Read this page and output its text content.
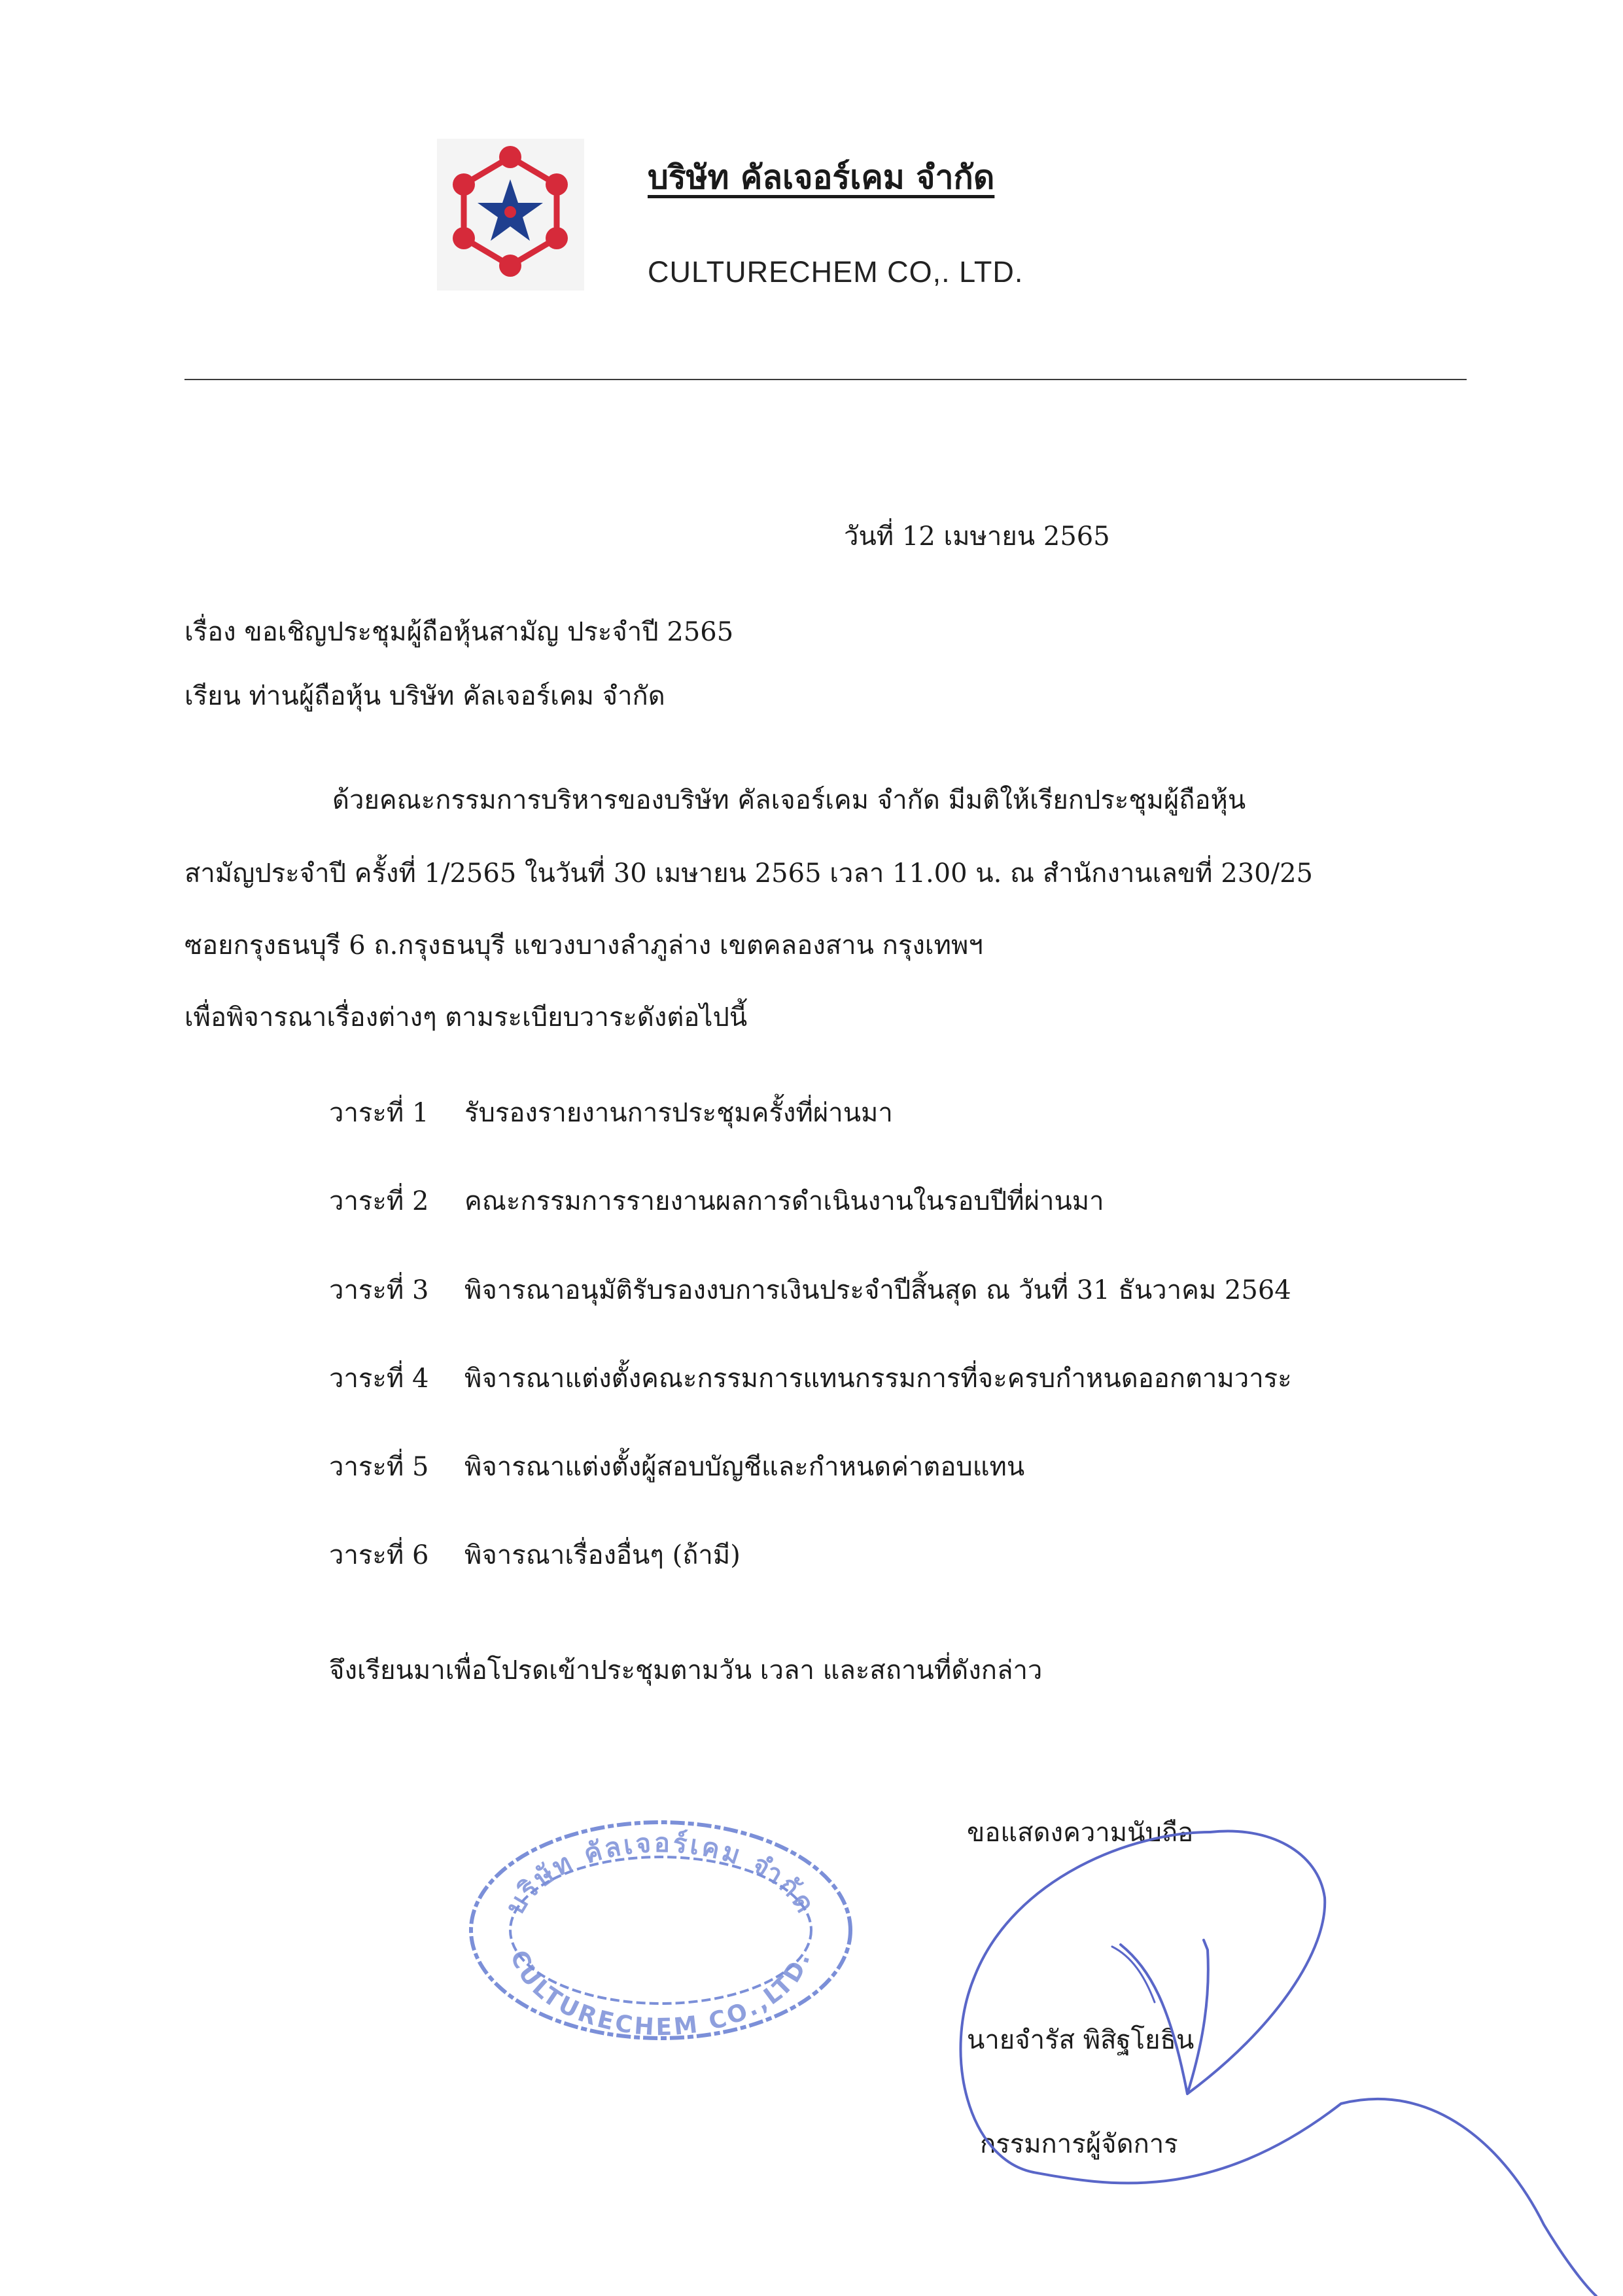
บริษัท คัลเจอร์เคม จำกัด
CULTURECHEM CO,. LTD.
วันที่ 12 เมษายน 2565
เรื่อง ขอเชิญประชุมผู้ถือหุ้นสามัญ ประจำปี 2565
เรียน ท่านผู้ถือหุ้น บริษัท คัลเจอร์เคม จำกัด
ด้วยคณะกรรมการบริหารของบริษัท คัลเจอร์เคม จำกัด มีมติให้เรียกประชุมผู้ถือหุ้น
สามัญประจำปี ครั้งที่ 1/2565 ในวันที่ 30 เมษายน 2565 เวลา 11.00 น. ณ สำนักงานเลขที่ 230/25
ซอยกรุงธนบุรี 6 ถ.กรุงธนบุรี แขวงบางลำภูล่าง เขตคลองสาน กรุงเทพฯ
เพื่อพิจารณาเรื่องต่างๆ ตามระเบียบวาระดังต่อไปนี้
วาระที่ 1 รับรองรายงานการประชุมครั้งที่ผ่านมา
วาระที่ 2 คณะกรรมการรายงานผลการดำเนินงานในรอบปีที่ผ่านมา
วาระที่ 3 พิจารณาอนุมัติรับรองงบการเงินประจำปีสิ้นสุด ณ วันที่ 31 ธันวาคม 2564
วาระที่ 4 พิจารณาแต่งตั้งคณะกรรมการแทนกรรมการที่จะครบกำหนดออกตามวาระ
วาระที่ 5 พิจารณาแต่งตั้งผู้สอบบัญชีและกำหนดค่าตอบแทน
วาระที่ 6 พิจารณาเรื่องอื่นๆ (ถ้ามี)
จึงเรียนมาเพื่อโปรดเข้าประชุมตามวัน เวลา และสถานที่ดังกล่าว
บริษัท คัลเจอร์เคม จำกัด
CULTURECHEM CO.,LTD.
ขอแสดงความนับถือ
นายจำรัส พิสิฐโยธิน
กรรมการผู้จัดการ
